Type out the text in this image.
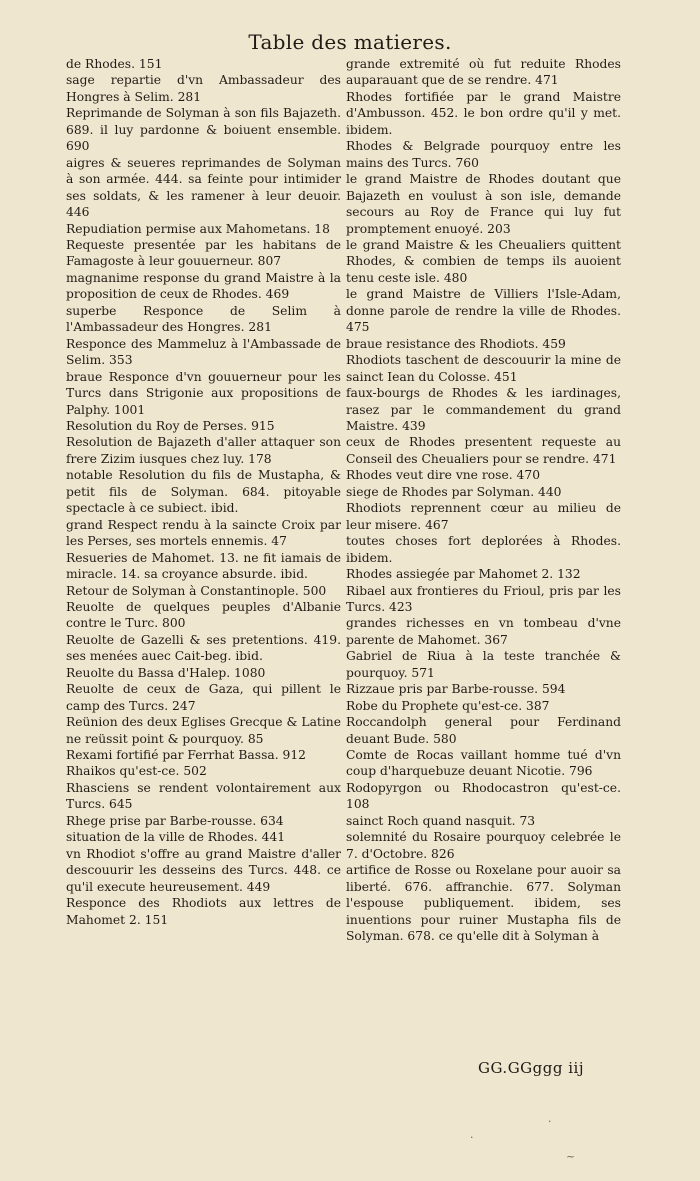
Table des matieres.
de Rhodes. 151
sage repartie d'vn Ambassadeur des Hongres à Selim. 281
Reprimande de Solyman à son fils Bajazeth. 689. il luy pardonne & boiuent ensemble. 690
aigres & seueres reprimandes de Solyman à son armée. 444. sa feinte pour intimider ses soldats, & les ramener à leur deuoir. 446
Repudiation permise aux Mahometans. 18
Requeste presentée par les habitans de Famagoste à leur gouuerneur. 807
magnanime response du grand Maistre à la proposition de ceux de Rhodes. 469
superbe Responce de Selim à l'Ambassadeur des Hongres. 281
Responce des Mammeluz à l'Ambassade de Selim. 353
braue Responce d'vn gouuerneur pour les Turcs dans Strigonie aux propositions de Palphy. 1001
Resolution du Roy de Perses. 915
Resolution de Bajazeth d'aller attaquer son frere Zizim iusques chez luy. 178
notable Resolution du fils de Mustapha, & petit fils de Solyman. 684. pitoyable spectacle à ce subiect. ibid.
grand Respect rendu à la saincte Croix par les Perses, ses mortels ennemis. 47
Resueries de Mahomet. 13. ne fit iamais de miracle. 14. sa croyance absurde. ibid.
Retour de Solyman à Constantinople. 500
Reuolte de quelques peuples d'Albanie contre le Turc. 800
Reuolte de Gazelli & ses pretentions. 419. ses menées auec Cait-beg. ibid.
Reuolte du Bassa d'Halep. 1080
Reuolte de ceux de Gaza, qui pillent le camp des Turcs. 247
Reünion des deux Eglises Grecque & Latine ne reüssit point & pourquoy. 85
Rexami fortifié par Ferrhat Bassa. 912
Rhaikos qu'est-ce. 502
Rhasciens se rendent volontairement aux Turcs. 645
Rhege prise par Barbe-rousse. 634
situation de la ville de Rhodes. 441
vn Rhodiot s'offre au grand Maistre d'aller descouurir les desseins des Turcs. 448. ce qu'il execute heureusement. 449
Responce des Rhodiots aux lettres de Mahomet 2. 151
grande extremité où fut reduite Rhodes auparauant que de se rendre. 471
Rhodes fortifiée par le grand Maistre d'Ambusson. 452. le bon ordre qu'il y met. ibidem.
Rhodes & Belgrade pourquoy entre les mains des Turcs. 760
le grand Maistre de Rhodes doutant que Bajazeth en voulust à son isle, demande secours au Roy de France qui luy fut promptement enuoyé. 203
le grand Maistre & les Cheualiers quittent Rhodes, & combien de temps ils auoient tenu ceste isle. 480
le grand Maistre de Villiers l'Isle-Adam, donne parole de rendre la ville de Rhodes. 475
braue resistance des Rhodiots. 459
Rhodiots taschent de descouurir la mine de sainct Iean du Colosse. 451
faux-bourgs de Rhodes & les iardinages, rasez par le commandement du grand Maistre. 439
ceux de Rhodes presentent requeste au Conseil des Cheualiers pour se rendre. 471
Rhodes veut dire vne rose. 470
siege de Rhodes par Solyman. 440
Rhodiots reprennent cœur au milieu de leur misere. 467
toutes choses fort deplorées à Rhodes. ibidem.
Rhodes assiegée par Mahomet 2. 132
Ribael aux frontieres du Frioul, pris par les Turcs. 423
grandes richesses en vn tombeau d'vne parente de Mahomet. 367
Gabriel de Riua à la teste tranchée & pourquoy. 571
Rizzaue pris par Barbe-rousse. 594
Robe du Prophete qu'est-ce. 387
Roccandolph general pour Ferdinand deuant Bude. 580
Comte de Rocas vaillant homme tué d'vn coup d'harquebuze deuant Nicotie. 796
Rodopyrgon ou Rhodocastron qu'est-ce. 108
sainct Roch quand nasquit. 73
solemnité du Rosaire pourquoy celebrée le 7. d'Octobre. 826
artifice de Rosse ou Roxelane pour auoir sa liberté. 676. affranchie. 677. Solyman l'espouse publiquement. ibidem, ses inuentions pour ruiner Mustapha fils de Solyman. 678. ce qu'elle dit à Solyman à
GG.GGggg iij
.
.
~
